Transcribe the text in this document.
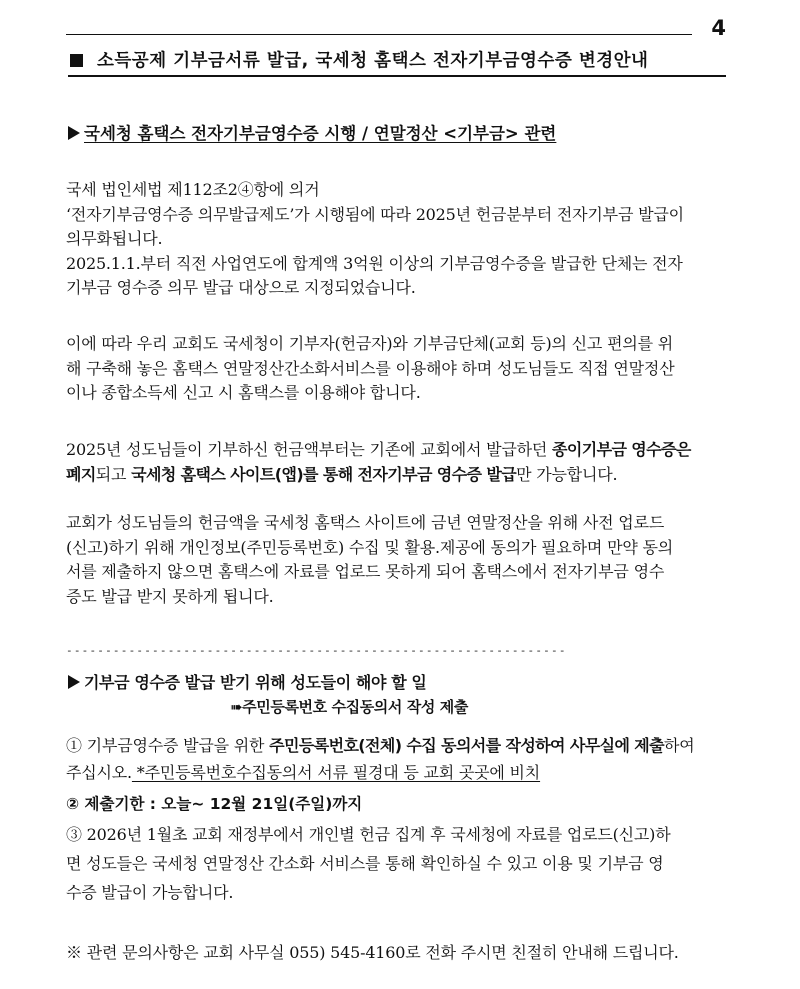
4
소득공제 기부금서류 발급, 국세청 홈택스 전자기부금영수증 변경안내
국세청 홈택스 전자기부금영수증 시행 / 연말정산 <기부금> 관련
국세 법인세법 제112조2④항에 의거
‘전자기부금영수증 의무발급제도’가 시행됨에 따라 2025년 헌금분부터 전자기부금 발급이
의무화됩니다.
2025.1.1.부터 직전 사업연도에 합계액 3억원 이상의 기부금영수증을 발급한 단체는 전자
기부금 영수증 의무 발급 대상으로 지정되었습니다.
이에 따라 우리 교회도 국세청이 기부자(헌금자)와 기부금단체(교회 등)의 신고 편의를 위
해 구축해 놓은 홈택스 연말정산간소화서비스를 이용해야 하며 성도님들도 직접 연말정산
이나 종합소득세 신고 시 홈택스를 이용해야 합니다.
2025년 성도님들이 기부하신 헌금액부터는 기존에 교회에서 발급하던 종이기부금 영수증은
폐지되고 국세청 홈택스 사이트(앱)를 통해 전자기부금 영수증 발급만 가능합니다.
교회가 성도님들의 헌금액을 국세청 홈택스 사이트에 금년 연말정산을 위해 사전 업로드
(신고)하기 위해 개인정보(주민등록번호) 수집 및 활용.제공에 동의가 필요하며 만약 동의
서를 제출하지 않으면 홈택스에 자료를 업로드 못하게 되어 홈택스에서 전자기부금 영수
증도 발급 받지 못하게 됩니다.
----------------------------------------------------------------
기부금 영수증 발급 받기 위해 성도들이 해야 할 일
➠주민등록번호 수집동의서 작성 제출
① 기부금영수증 발급을 위한 주민등록번호(전체) 수집 동의서를 작성하여 사무실에 제출하여
주십시오. *주민등록번호수집동의서 서류 필경대 등 교회 곳곳에 비치
② 제출기한 : 오늘~ 12월 21일(주일)까지
③ 2026년 1월초 교회 재정부에서 개인별 헌금 집계 후 국세청에 자료를 업로드(신고)하
면 성도들은 국세청 연말정산 간소화 서비스를 통해 확인하실 수 있고 이용 및 기부금 영
수증 발급이 가능합니다.
※ 관련 문의사항은 교회 사무실 055) 545-4160로 전화 주시면 친절히 안내해 드립니다.
